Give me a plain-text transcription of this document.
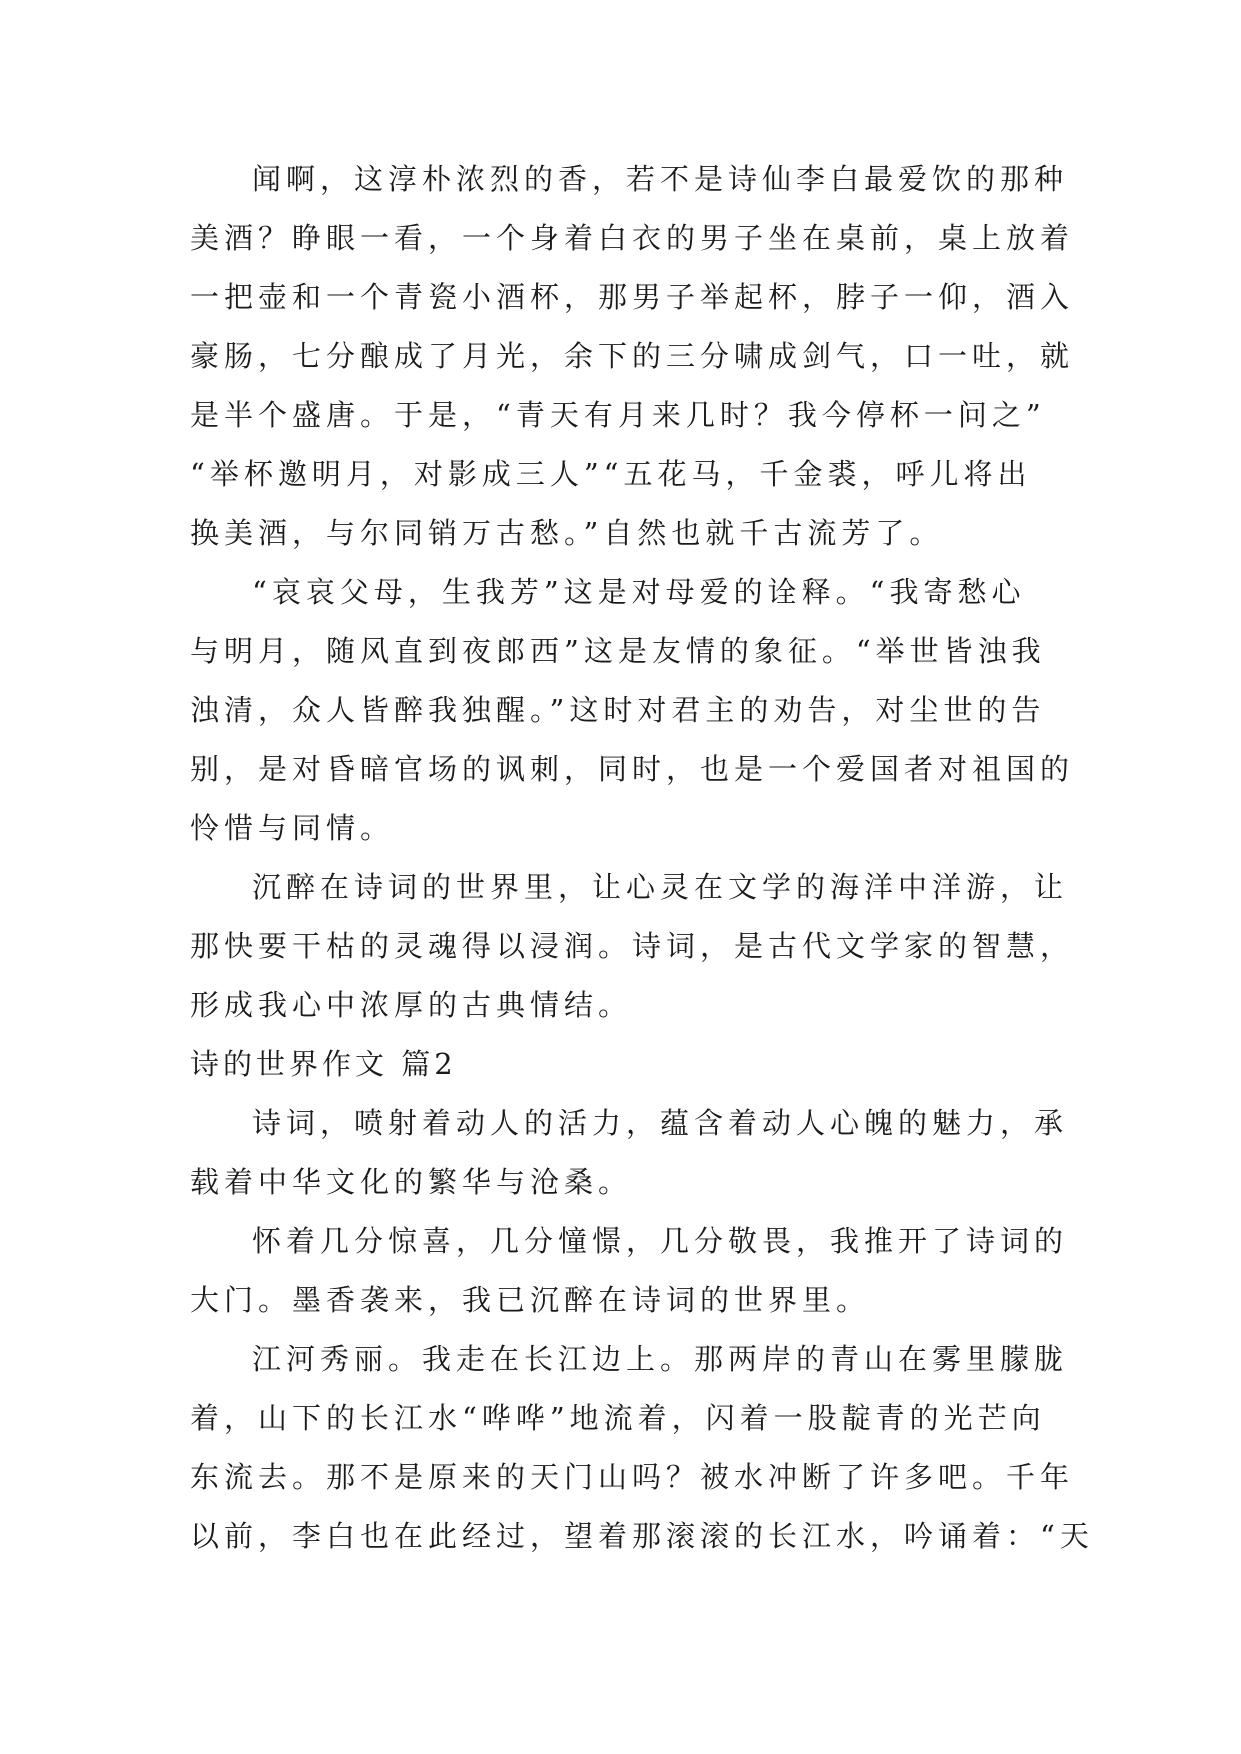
闻啊，这淳朴浓烈的香，若不是诗仙李白最爱饮的那种
美酒？睁眼一看，一个身着白衣的男子坐在桌前，桌上放着
一把壶和一个青瓷小酒杯，那男子举起杯，脖子一仰，酒入
豪肠，七分酿成了月光，余下的三分啸成剑气，口一吐，就
是半个盛唐。于是，“青天有月来几时？我今停杯一问之”
“举杯邀明月，对影成三人”“五花马，千金裘，呼儿将出
换美酒，与尔同销万古愁。”自然也就千古流芳了。
“哀哀父母，生我芳”这是对母爱的诠释。“我寄愁心
与明月，随风直到夜郎西”这是友情的象征。“举世皆浊我
浊清，众人皆醉我独醒。”这时对君主的劝告，对尘世的告
别，是对昏暗官场的讽刺，同时，也是一个爱国者对祖国的
怜惜与同情。
沉醉在诗词的世界里，让心灵在文学的海洋中洋游，让
那快要干枯的灵魂得以浸润。诗词，是古代文学家的智慧，
形成我心中浓厚的古典情结。
诗的世界作文 篇2
诗词，喷射着动人的活力，蕴含着动人心魄的魅力，承
载着中华文化的繁华与沧桑。
怀着几分惊喜，几分憧憬，几分敬畏，我推开了诗词的
大门。墨香袭来，我已沉醉在诗词的世界里。
江河秀丽。我走在长江边上。那两岸的青山在雾里朦胧
着，山下的长江水“哗哗”地流着，闪着一股靛青的光芒向
东流去。那不是原来的天门山吗？被水冲断了许多吧。千年
以前，李白也在此经过，望着那滚滚的长江水，吟诵着：“天
